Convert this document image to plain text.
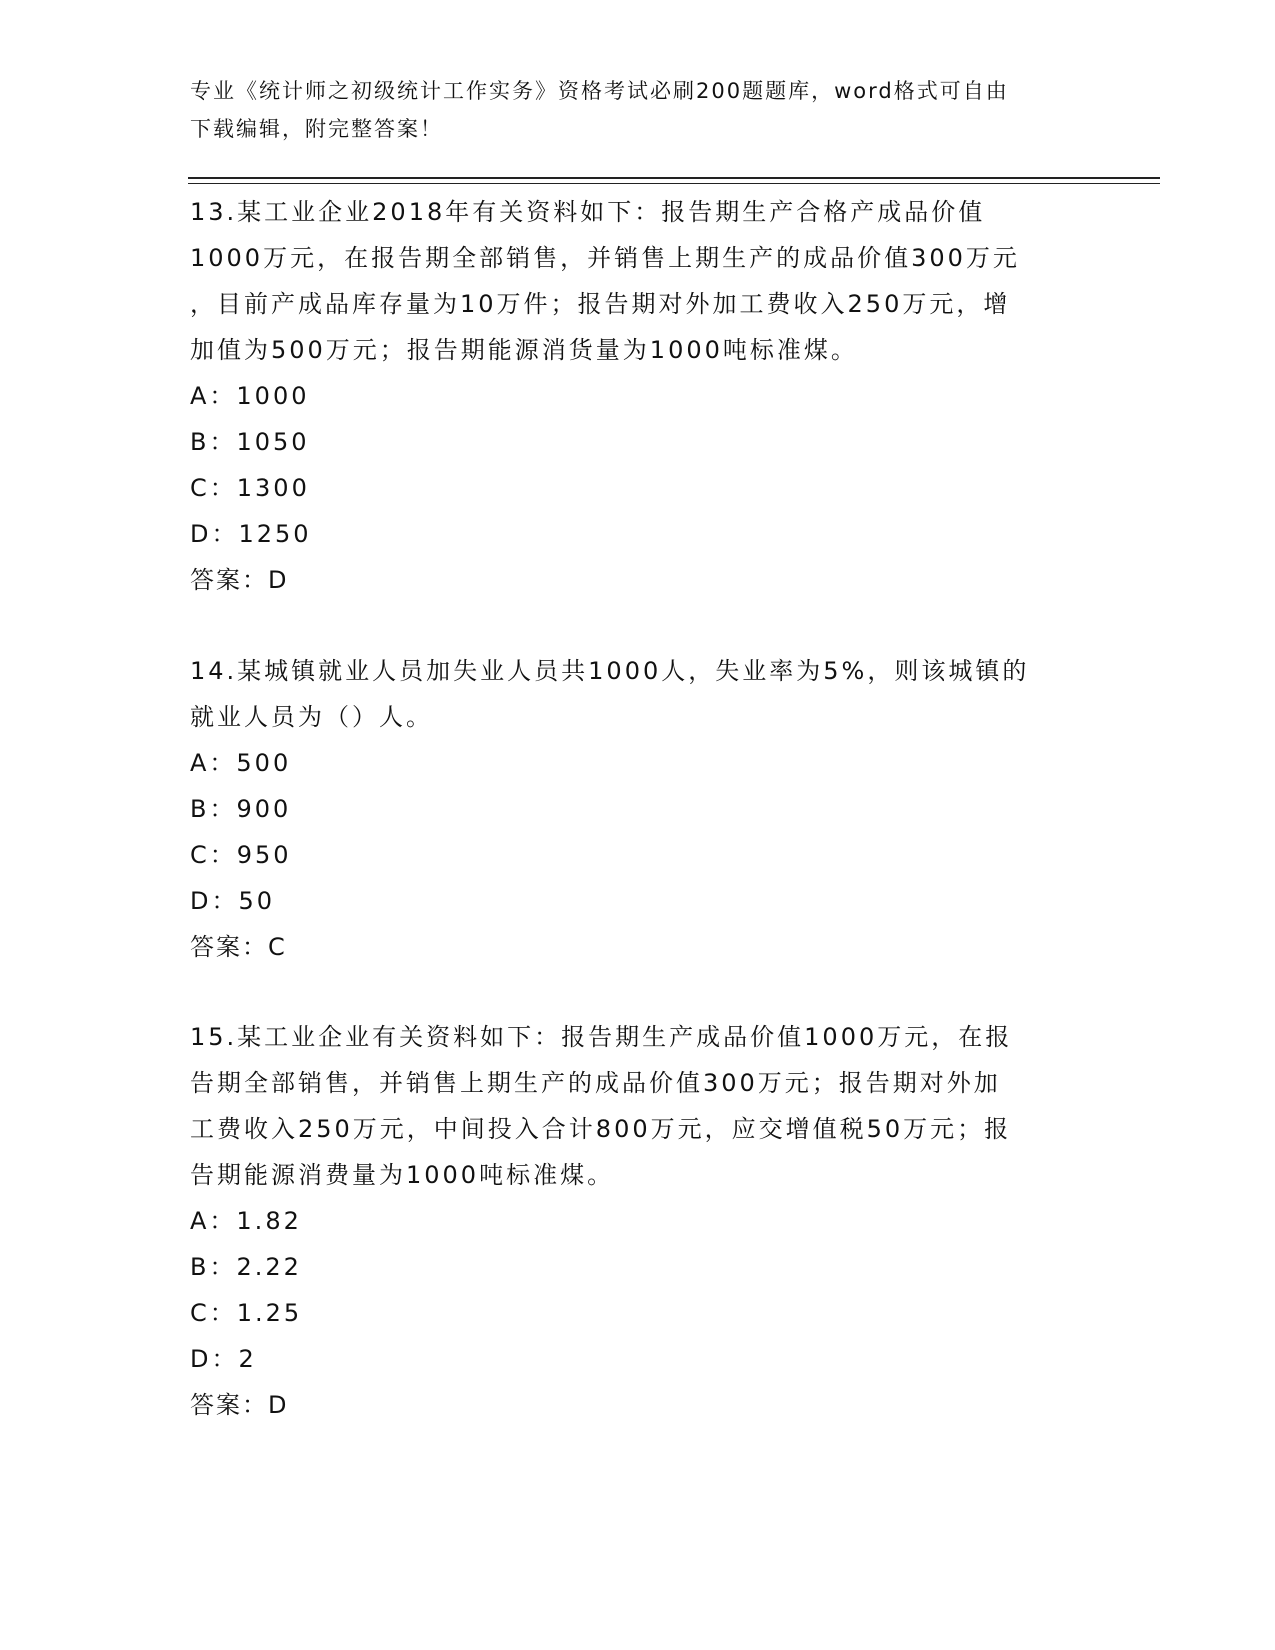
专业《统计师之初级统计工作实务》资格考试必刷200题题库，word格式可自由
下载编辑，附完整答案！

13.某工业企业2018年有关资料如下：报告期生产合格产成品价值

1000万元，在报告期全部销售，并销售上期生产的成品价值300万元

，目前产成品库存量为10万件；报告期对外加工费收入250万元，增

加值为500万元；报告期能源消货量为1000吨标准煤。

A：1000

B：1050

C：1300

D：1250

答案：D

14.某城镇就业人员加失业人员共1000人，失业率为5%，则该城镇的

就业人员为（）人。

A：500

B：900

C：950

D：50

答案：C

15.某工业企业有关资料如下：报告期生产成品价值1000万元，在报

告期全部销售，并销售上期生产的成品价值300万元；报告期对外加

工费收入250万元，中间投入合计800万元，应交增值税50万元；报

告期能源消费量为1000吨标准煤。

A：1.82

B：2.22

C：1.25

D：2

答案：D
